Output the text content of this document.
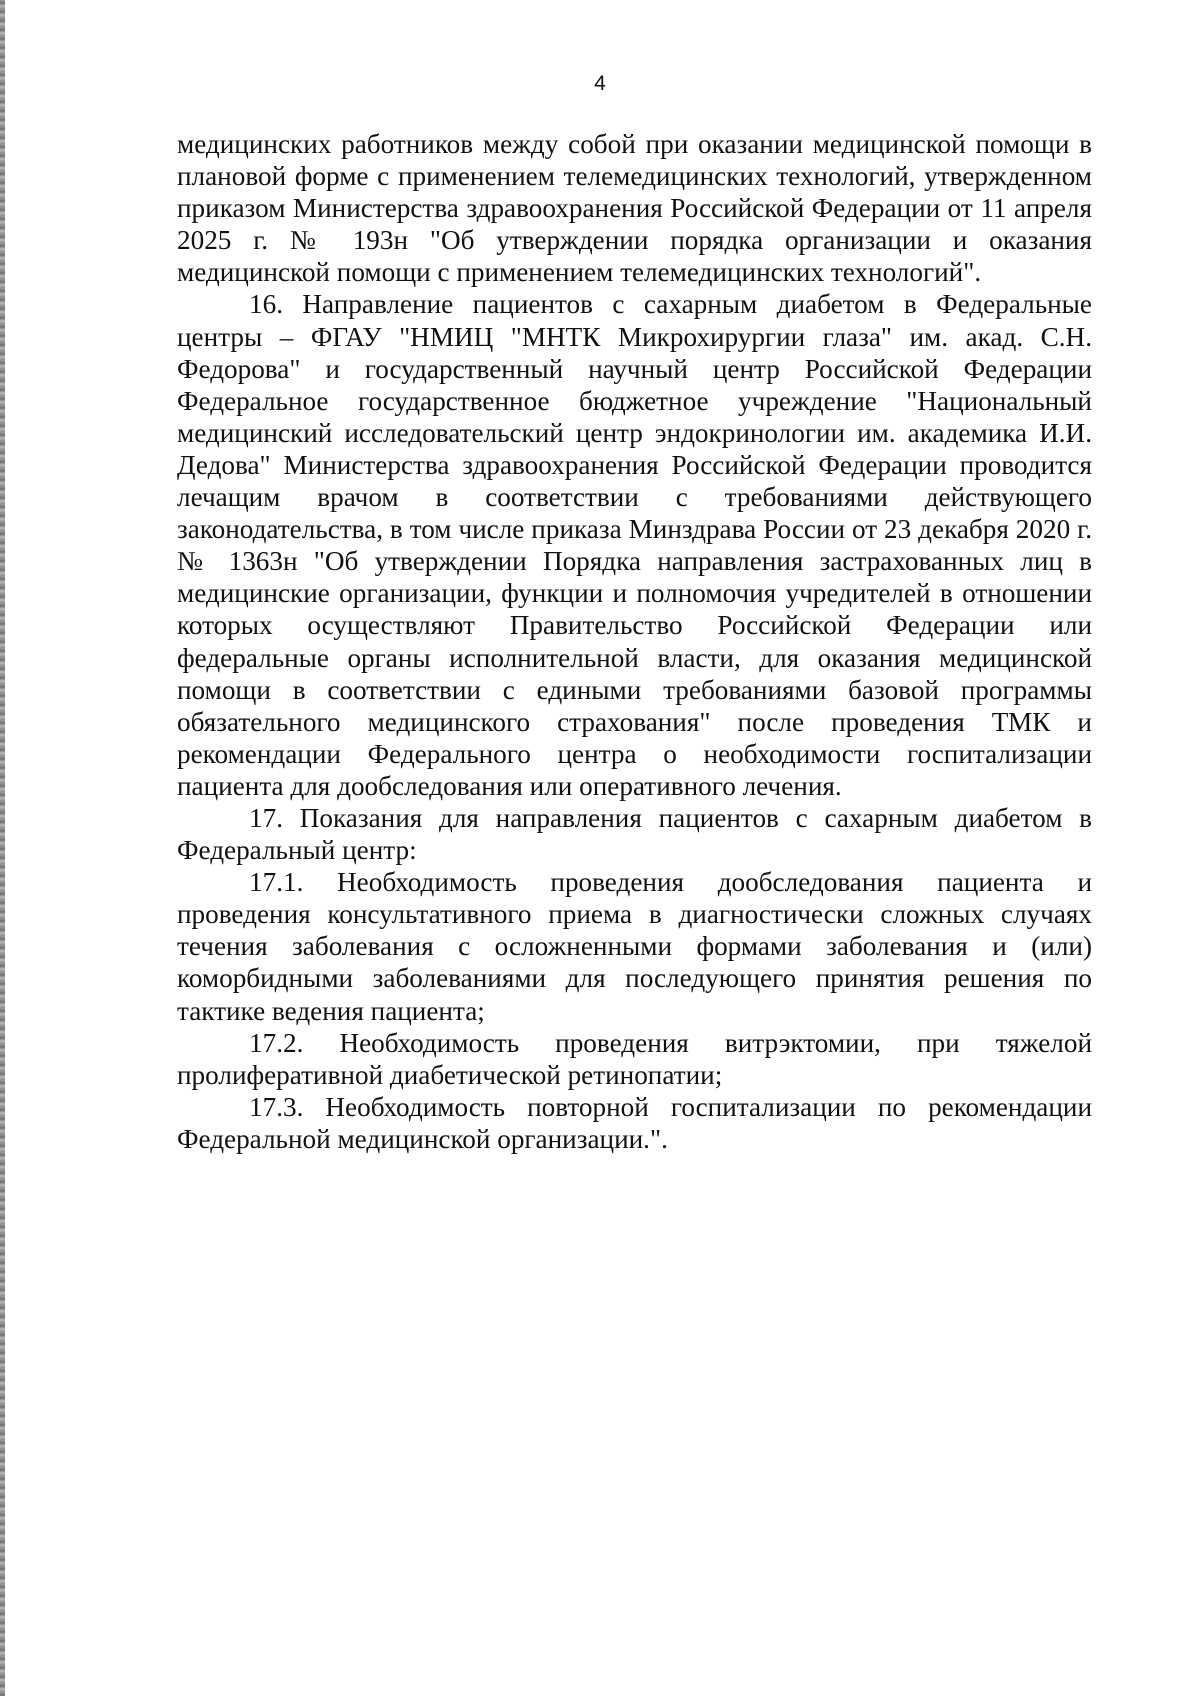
4

медицинских работников между собой при оказании медицинской помощи в плановой форме с применением телемедицинских технологий, утвержденном приказом Министерства здравоохранения Российской Федерации от 11 апреля 2025 г. № 193н "Об утверждении порядка организации и оказания медицинской помощи с применением телемедицинских технологий".

16. Направление пациентов с сахарным диабетом в Федеральные центры – ФГАУ "НМИЦ "МНТК Микрохирургии глаза" им. акад. С.Н. Федорова" и государственный научный центр Российской Федерации Федеральное государственное бюджетное учреждение "Национальный медицинский исследовательский центр эндокринологии им. академика И.И. Дедова" Министерства здравоохранения Российской Федерации проводится лечащим врачом в соответствии с требованиями действующего законодательства, в том числе приказа Минздрава России от 23 декабря 2020 г. № 1363н "Об утверждении Порядка направления застрахованных лиц в медицинские организации, функции и полномочия учредителей в отношении которых осуществляют Правительство Российской Федерации или федеральные органы исполнительной власти, для оказания медицинской помощи в соответствии с едиными требованиями базовой программы обязательного медицинского страхования" после проведения ТМК и рекомендации Федерального центра о необходимости госпитализации пациента для дообследования или оперативного лечения.

17. Показания для направления пациентов с сахарным диабетом в Федеральный центр:

17.1. Необходимость проведения дообследования пациента и проведения консультативного приема в диагностически сложных случаях течения заболевания с осложненными формами заболевания и (или) коморбидными заболеваниями для последующего принятия решения по тактике ведения пациента;

17.2. Необходимость проведения витрэктомии, при тяжелой пролиферативной диабетической ретинопатии;

17.3. Необходимость повторной госпитализации по рекомендации Федеральной медицинской организации.".
